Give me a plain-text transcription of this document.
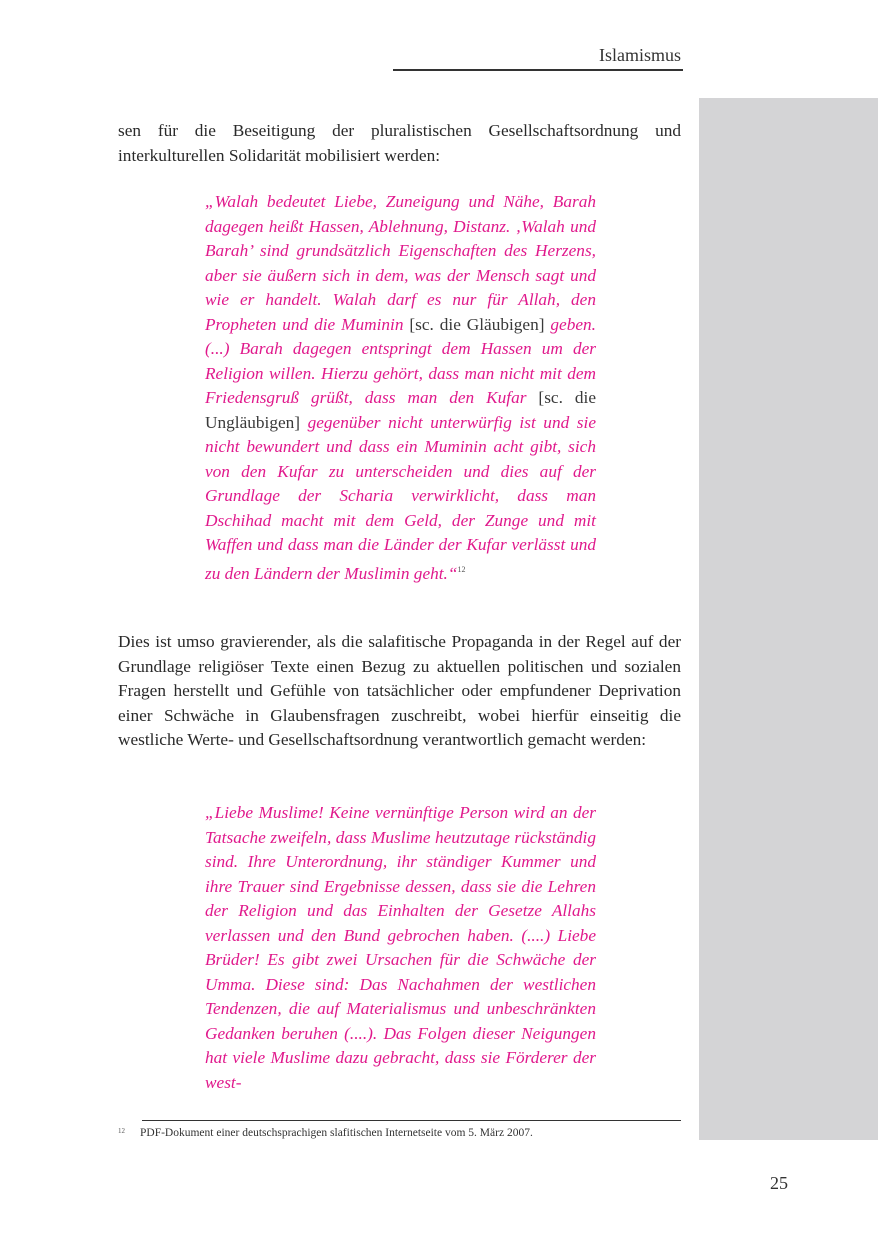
Islamismus

sen für die Beseitigung der pluralistischen Gesellschaftsordnung und interkulturellen Solidarität mobilisiert werden:

„Walah bedeutet Liebe, Zuneigung und Nähe, Barah dagegen heißt Hassen, Ablehnung, Distanz. ‚Walah und Barah’ sind grundsätzlich Eigenschaften des Herzens, aber sie äußern sich in dem, was der Mensch sagt und wie er handelt. Walah darf es nur für Allah, den Propheten und die Muminin [sc. die Gläubigen] geben. (...) Barah dagegen entspringt dem Hassen um der Religion willen. Hierzu gehört, dass man nicht mit dem Friedensgruß grüßt, dass man den Kufar [sc. die Ungläubigen] gegenüber nicht unterwürfig ist und sie nicht bewundert und dass ein Muminin acht gibt, sich von den Kufar zu unterscheiden und dies auf der Grundlage der Scharia verwirklicht, dass man Dschihad macht mit dem Geld, der Zunge und mit Waffen und dass man die Länder der Kufar verlässt und zu den Ländern der Muslimin geht.“$^{12}$

Dies ist umso gravierender, als die salafitische Propaganda in der Regel auf der Grundlage religiöser Texte einen Bezug zu aktuellen politischen und sozialen Fragen herstellt und Gefühle von tatsächlicher oder empfundener Deprivation einer Schwäche in Glaubensfragen zuschreibt, wobei hierfür einseitig die westliche Werte- und Gesellschaftsordnung verantwortlich gemacht werden:

„Liebe Muslime! Keine vernünftige Person wird an der Tatsache zweifeln, dass Muslime heutzutage rückständig sind. Ihre Unterordnung, ihr ständiger Kummer und ihre Trauer sind Ergebnisse dessen, dass sie die Lehren der Religion und das Einhalten der Gesetze Allahs verlassen und den Bund gebrochen haben. (....) Liebe Brüder! Es gibt zwei Ursachen für die Schwäche der Umma. Diese sind: Das Nachahmen der westlichen Tendenzen, die auf Materialismus und unbeschränkten Gedanken beruhen (....). Das Folgen dieser Neigungen hat viele Muslime dazu gebracht, dass sie Förderer der west-

$^{12}$ PDF-Dokument einer deutschsprachigen slafitischen Internetseite vom 5. März 2007.
25
